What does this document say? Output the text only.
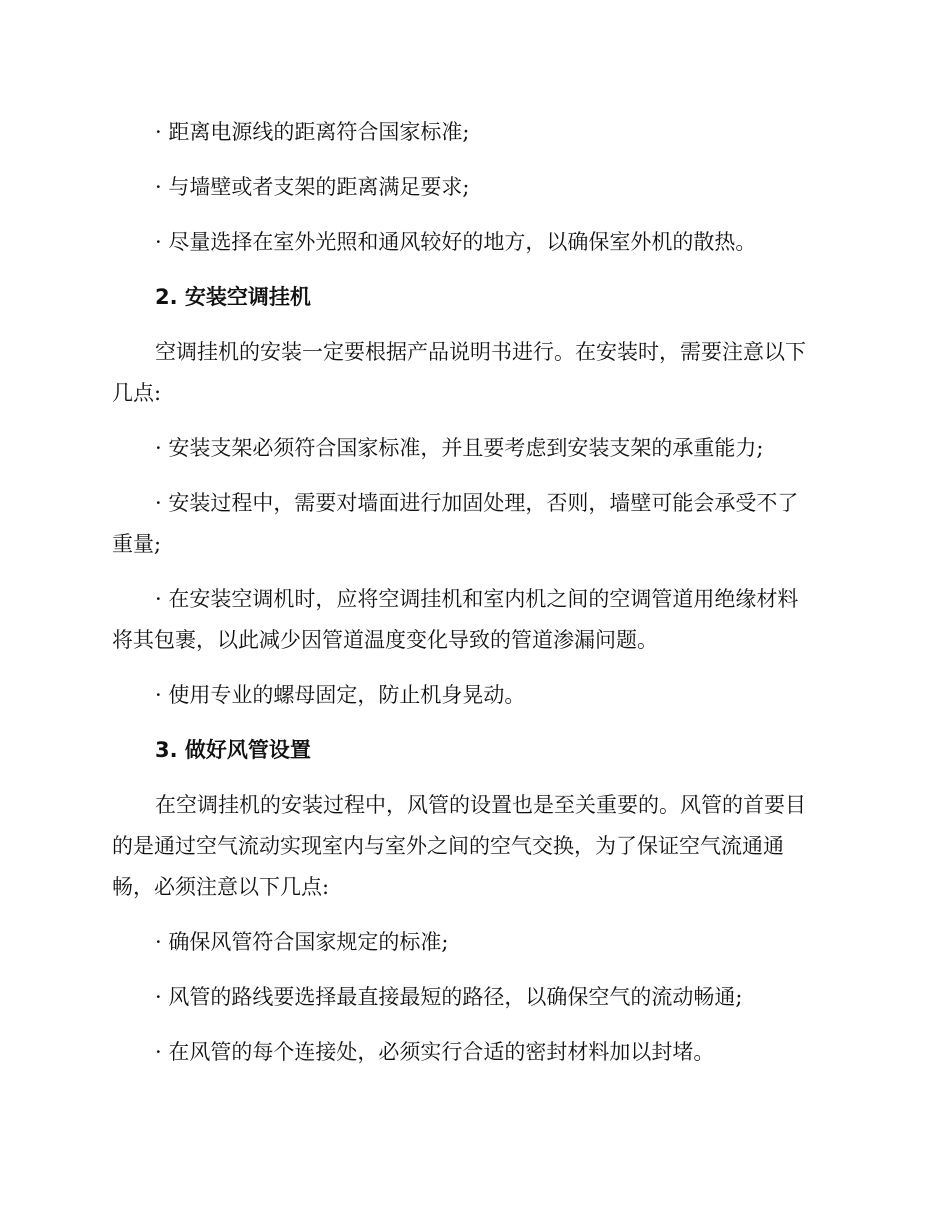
· 距离电源线的距离符合国家标准;
· 与墙壁或者支架的距离满足要求;
· 尽量选择在室外光照和通风较好的地方，以确保室外机的散热。
2. 安装空调挂机
空调挂机的安装一定要根据产品说明书进行。在安装时，需要注意以下
几点:
· 安装支架必须符合国家标准，并且要考虑到安装支架的承重能力;
· 安装过程中，需要对墙面进行加固处理，否则，墙壁可能会承受不了
重量;
· 在安装空调机时，应将空调挂机和室内机之间的空调管道用绝缘材料
将其包裹，以此减少因管道温度变化导致的管道渗漏问题。
· 使用专业的螺母固定，防止机身晃动。
3. 做好风管设置
在空调挂机的安装过程中，风管的设置也是至关重要的。风管的首要目
的是通过空气流动实现室内与室外之间的空气交换，为了保证空气流通通
畅，必须注意以下几点:
· 确保风管符合国家规定的标准;
· 风管的路线要选择最直接最短的路径，以确保空气的流动畅通;
· 在风管的每个连接处，必须实行合适的密封材料加以封堵。
